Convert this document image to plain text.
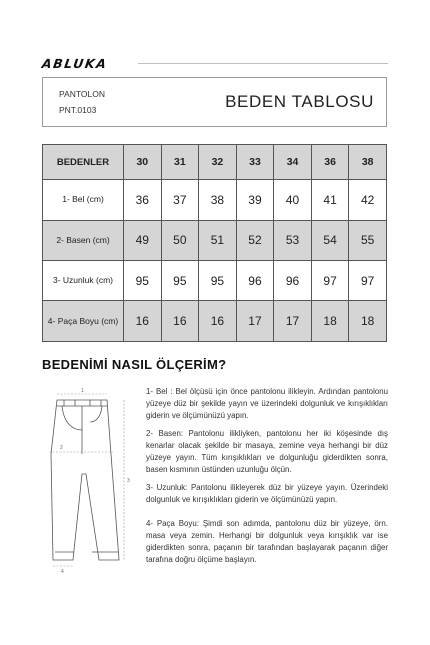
ABLUKA
PANTOLON
PNT.0103	BEDEN TABLOSU
BEDENLER	30	31	32	33	34	36	38
1- Bel (cm)	36	37	38	39	40	41	42
2- Basen (cm)	49	50	51	52	53	54	55
3- Uzunluk (cm)	95	95	95	96	96	97	97
4- Paça Boyu (cm)	16	16	16	17	17	18	18
BEDENİMİ NASIL ÖLÇERİM?
1
2
3
4

1- Bel : Bel ölçüsü için önce pantolonu ilikleyin. Ardından pantolonu yüzeye düz bir şekilde yayın ve üzerindeki dolgunluk ve kırışıklıkları giderin ve ölçümünüzü yapın.

2- Basen: Pantolonu ilikliyken, pantolonu her iki köşesinde dış kenarlar olacak şekilde bir masaya, zemine veya herhangi bir düz yüzeye yayın. Tüm kırışıklıkları ve dolgunluğu giderdikten sonra, basen kısmının üstünden uzunluğu ölçün.

3- Uzunluk: Pantolonu ilikleyerek düz bir yüzeye yayın. Üzerindeki dolgunluk ve kırışıklıkları giderin ve ölçümünüzü yapın.

4- Paça Boyu: Şimdi son adımda, pantolonu düz bir yüzeye, örn. masa veya zemin. Herhangi bir dolgunluk veya kırışıklık var ise giderdikten sonra, paçanın bir tarafından başlayarak paçanın diğer tarafına doğru ölçüme başlayın.
